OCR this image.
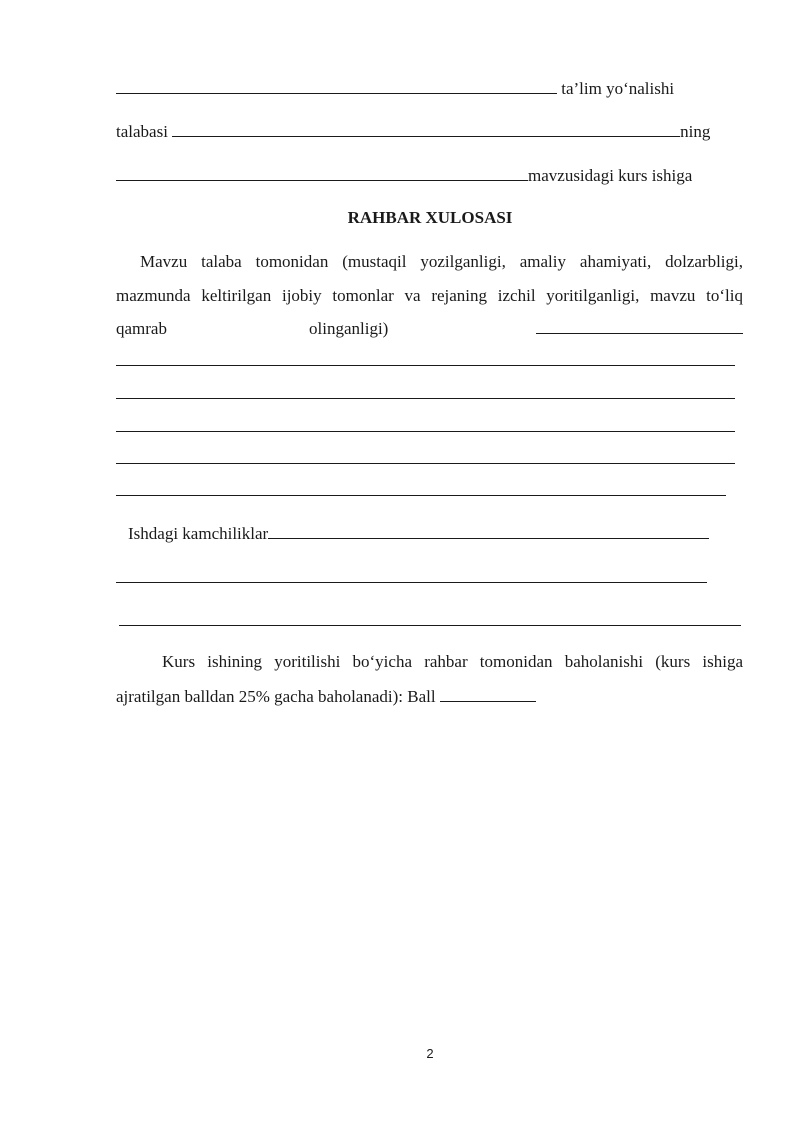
ta’lim yo‘nalishi
talabasi	ning
mavzusidagi kurs ishiga
RAHBAR XULOSASI
Mavzu talaba tomonidan (mustaqil yozilganligi, amaliy ahamiyati, dolzarbligi,
mazmunda keltirilgan ijobiy tomonlar va rejaning izchil yoritilganligi, mavzu to‘liq
qamrab	olinganligi)
Ishdagi kamchiliklar
Kurs ishining yoritilishi bo‘yicha rahbar tomonidan baholanishi (kurs ishiga
ajratilgan balldan 25% gacha baholanadi): Ball
2
